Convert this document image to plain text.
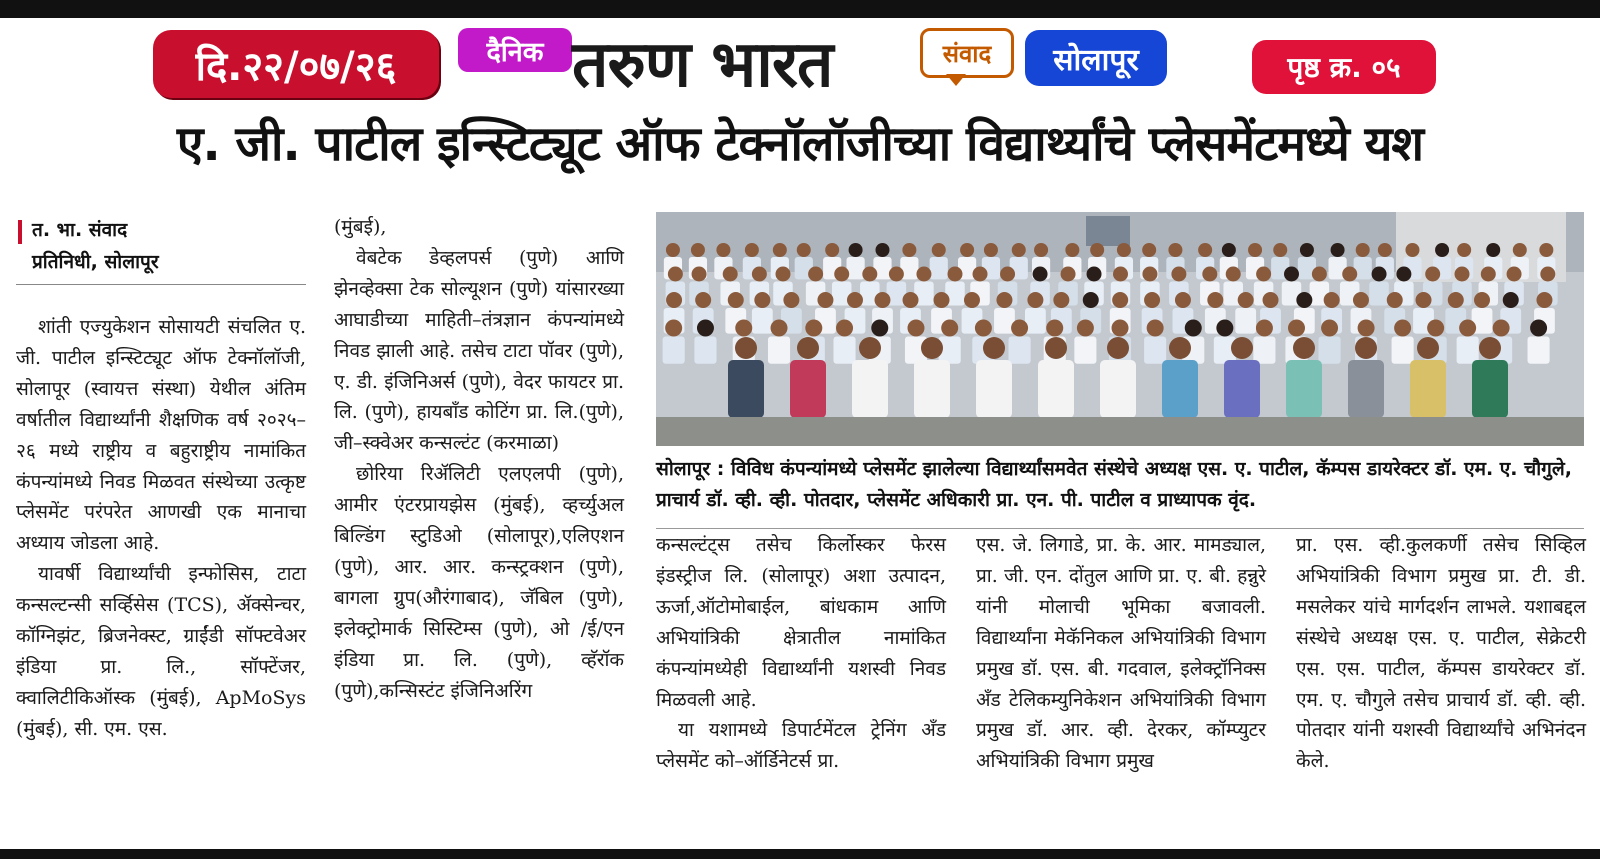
दि.२२/०७/२६	दैनिक तरुण भारत	संवाद	सोलापूर	पृष्ठ क्र. ०५
ए. जी. पाटील इन्स्टिट्यूट ऑफ टेक्नॉलॉजीच्या विद्यार्थ्यांचे प्लेसमेंटमध्ये यश
त. भा. संवाद
प्रतिनिधी, सोलापूर

शांती एज्युकेशन सोसायटी संचलित ए. जी. पाटील इन्स्टिट्यूट ऑफ टेक्नॉलॉजी, सोलापूर (स्वायत्त संस्था) येथील अंतिम वर्षातील विद्यार्थ्यांनी शैक्षणिक वर्ष २०२५–२६ मध्ये राष्ट्रीय व बहुराष्ट्रीय नामांकित कंपन्यांमध्ये निवड मिळवत संस्थेच्या उत्कृष्ट प्लेसमेंट परंपरेत आणखी एक मानाचा अध्याय जोडला आहे.

यावर्षी विद्यार्थ्यांची इन्फोसिस, टाटा कन्सल्टन्सी सर्व्हिसेस (TCS), ॲक्सेन्चर, कॉग्निझंट, ब्रिजनेक्स्ट, ग्राईंडी सॉफ्टवेअर इंडिया प्रा. लि., सॉफ्टेंजर, क्वालिटीकिऑस्क (मुंबई), ApMoSys (मुंबई), सी. एम. एस.

(मुंबई),

वेबटेक डेव्हलपर्स (पुणे) आणि झेनव्हेक्सा टेक सोल्यूशन (पुणे) यांसारख्या आघाडीच्या माहिती–तंत्रज्ञान कंपन्यांमध्ये निवड झाली आहे. तसेच टाटा पॉवर (पुणे), ए. डी. इंजिनिअर्स (पुणे), वेदर फायटर प्रा. लि. (पुणे), हायबॉंड कोटिंग प्रा. लि.(पुणे), जी–स्क्वेअर कन्सल्टंट (करमाळा)

छोरिया रिॲलिटी एलएलपी (पुणे), आमीर एंटरप्रायझेस (मुंबई), व्हर्च्युअल बिल्डिंग स्टुडिओ (सोलापूर),एलिएशन (पुणे), आर. आर. कन्स्ट्रक्शन (पुणे), बागला ग्रुप(औरंगाबाद), जॅबिल (पुणे), इलेक्ट्रोमार्क सिस्टिम्स (पुणे), ओ /ई/एन इंडिया प्रा. लि. (पुणे), व्हॅरॉक (पुणे),कन्सिस्टंट इंजिनिअरिंग

सोलापूर : विविध कंपन्यांमध्ये प्लेसमेंट झालेल्या विद्यार्थ्यांसमवेत संस्थेचे अध्यक्ष एस. ए. पाटील, कॅम्पस डायरेक्टर डॉ. एम. ए. चौगुले, प्राचार्य डॉ. व्ही. व्ही. पोतदार, प्लेसमेंट अधिकारी प्रा. एन. पी. पाटील व प्राध्यापक वृंद.

कन्सल्टंट्स तसेच किर्लोस्कर फेरस इंडस्ट्रीज लि. (सोलापूर) अशा उत्पादन, ऊर्जा,ऑटोमोबाईल, बांधकाम आणि अभियांत्रिकी क्षेत्रातील नामांकित कंपन्यांमध्येही विद्यार्थ्यांनी यशस्वी निवड मिळवली आहे.

या यशामध्ये डिपार्टमेंटल ट्रेनिंग अँड प्लेसमेंट को–ऑर्डिनेटर्स प्रा.

एस. जे. लिगाडे, प्रा. के. आर. मामड्याल, प्रा. जी. एन. दोंतुल आणि प्रा. ए. बी. हन्नुरे यांनी मोलाची भूमिका बजावली. विद्यार्थ्यांना मेकॅनिकल अभियांत्रिकी विभाग प्रमुख डॉ. एस. बी. गदवाल, इलेक्ट्रॉनिक्स अँड टेलिकम्युनिकेशन अभियांत्रिकी विभाग प्रमुख डॉ. आर. व्ही. देरकर, कॉम्प्युटर अभियांत्रिकी विभाग प्रमुख

प्रा. एस. व्ही.कुलकर्णी तसेच सिव्हिल अभियांत्रिकी विभाग प्रमुख प्रा. टी. डी. मसलेकर यांचे मार्गदर्शन लाभले. यशाबद्दल संस्थेचे अध्यक्ष एस. ए. पाटील, सेक्रेटरी एस. एस. पाटील, कॅम्पस डायरेक्टर डॉ. एम. ए. चौगुले तसेच प्राचार्य डॉ. व्ही. व्ही. पोतदार यांनी यशस्वी विद्यार्थ्यांचे अभिनंदन केले.
